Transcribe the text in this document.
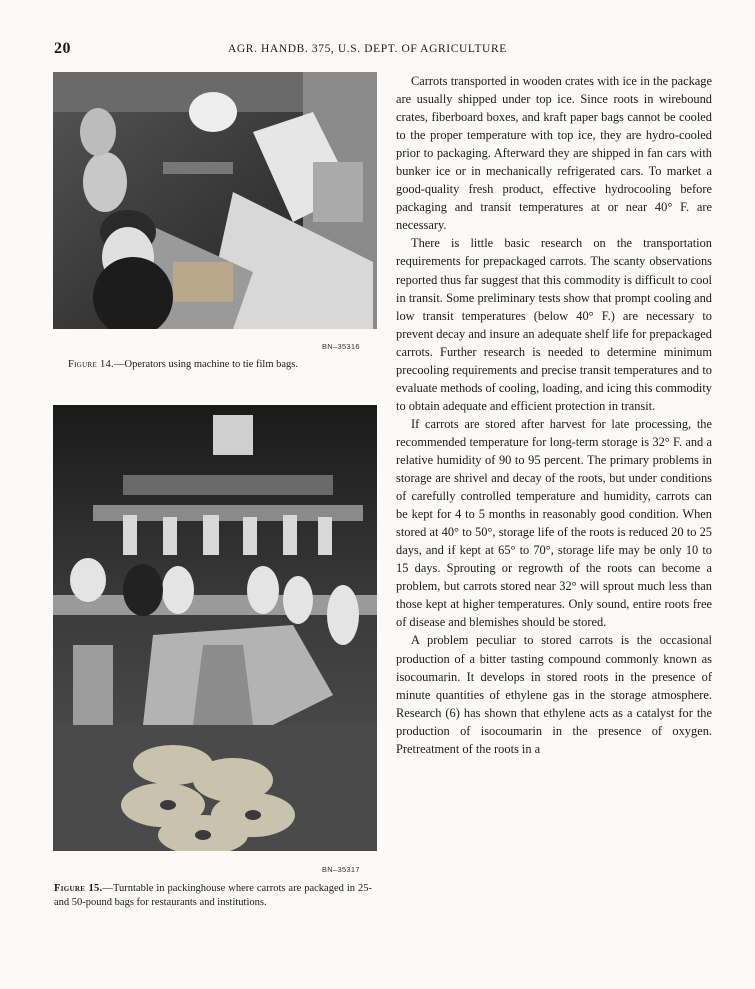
20	AGR. HANDB. 375, U.S. DEPT. OF AGRICULTURE
BN–35316
Figure 14.—Operators using machine to tie film bags.
BN–35317
Figure 15.—Turntable in packinghouse where carrots are packaged in 25- and 50-pound bags for restaurants and institutions.

Carrots transported in wooden crates with ice in the package are usually shipped under top ice. Since roots in wirebound crates, fiberboard boxes, and kraft paper bags cannot be cooled to the proper temperature with top ice, they are hydro-cooled prior to packaging. Afterward they are shipped in fan cars with bunker ice or in mechanically refrigerated cars. To market a good-quality fresh product, effective hydrocooling before packaging and transit temperatures at or near 40° F. are necessary.

There is little basic research on the transportation requirements for prepackaged carrots. The scanty observations reported thus far suggest that this commodity is difficult to cool in transit. Some preliminary tests show that prompt cooling and low transit temperatures (below 40° F.) are necessary to prevent decay and insure an adequate shelf life for prepackaged carrots. Further research is needed to determine minimum precooling requirements and precise transit temperatures and to evaluate methods of cooling, loading, and icing this commodity to obtain adequate and efficient protection in transit.

If carrots are stored after harvest for late processing, the recommended temperature for long-term storage is 32° F. and a relative humidity of 90 to 95 percent. The primary problems in storage are shrivel and decay of the roots, but under conditions of carefully controlled temperature and humidity, carrots can be kept for 4 to 5 months in reasonably good condition. When stored at 40° to 50°, storage life of the roots is reduced 20 to 25 days, and if kept at 65° to 70°, storage life may be only 10 to 15 days. Sprouting or regrowth of the roots can become a problem, but carrots stored near 32° will sprout much less than those kept at higher temperatures. Only sound, entire roots free of disease and blemishes should be stored.

A problem peculiar to stored carrots is the occasional production of a bitter tasting compound commonly known as isocoumarin. It develops in stored roots in the presence of minute quantities of ethylene gas in the storage atmosphere. Research (6) has shown that ethylene acts as a catalyst for the production of isocoumarin in the presence of oxygen. Pretreatment of the roots in a
